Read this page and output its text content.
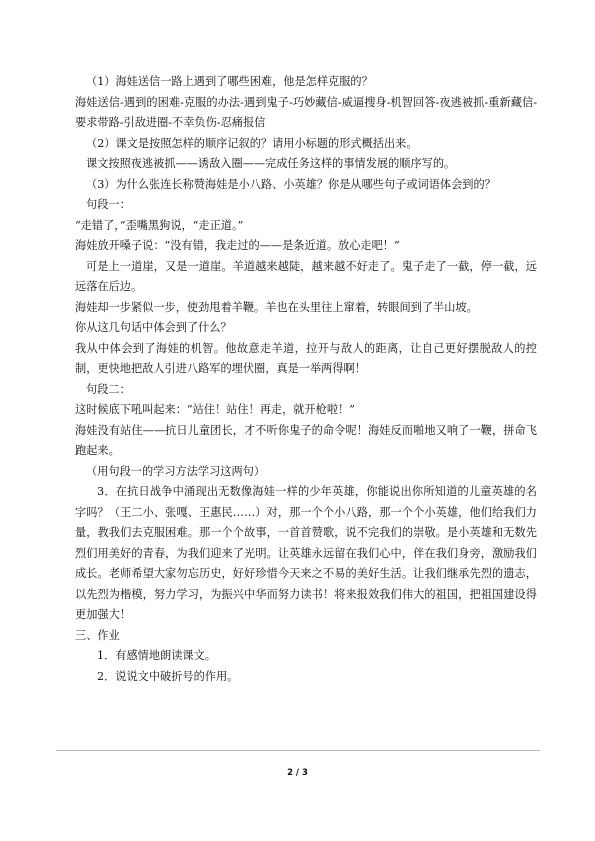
（1）海娃送信一路上遇到了哪些困难，他是怎样克服的？

海娃送信-遇到的困难-克服的办法-遇到鬼子-巧妙藏信-威逼搜身-机智回答-夜逃被抓-重新藏信-要求带路-引敌进圈-不幸负伤-忍痛报信

（2）课文是按照怎样的顺序记叙的？请用小标题的形式概括出来。

课文按照夜逃被抓——诱敌入圈——完成任务这样的事情发展的顺序写的。

（3）为什么张连长称赞海娃是小八路、小英雄？你是从哪些句子或词语体会到的？

句段一：

“走错了，”歪嘴黑狗说，“走正道。”

海娃放开嗓子说：“没有错，我走过的——是条近道。放心走吧！”

可是上一道崖，又是一道崖。羊道越来越陡，越来越不好走了。鬼子走了一截，停一截，远远落在后边。

海娃却一步紧似一步，使劲甩着羊鞭。羊也在头里往上窜着，转眼间到了半山坡。

你从这几句话中体会到了什么？

我从中体会到了海娃的机智。他故意走羊道，拉开与敌人的距离，让自己更好摆脱敌人的控制，更快地把敌人引进八路军的埋伏圈，真是一举两得啊！

句段二：

这时候底下吼叫起来：“站住！站住！再走，就开枪啦！”

海娃没有站住——抗日儿童团长，才不听你鬼子的命令呢！海娃反而啪地又响了一鞭，拼命飞跑起来。

（用句段一的学习方法学习这两句）

3．在抗日战争中涌现出无数像海娃一样的少年英雄，你能说出你所知道的儿童英雄的名字吗？（王二小、张嘎、王惠民……）对，那一个个小八路，那一个个小英雄，他们给我们力量，教我们去克服困难。那一个个故事，一首首赞歌，说不完我们的崇敬。是小英雄和无数先烈们用美好的青春，为我们迎来了光明。让英雄永远留在我们心中，伴在我们身旁，激励我们成长。老师希望大家勿忘历史，好好珍惜今天来之不易的美好生活。让我们继承先烈的遗志，以先烈为楷模，努力学习，为振兴中华而努力读书！将来报效我们伟大的祖国，把祖国建设得更加强大！

三、作业

1．有感情地朗读课文。

2．说说文中破折号的作用。

2 / 3
